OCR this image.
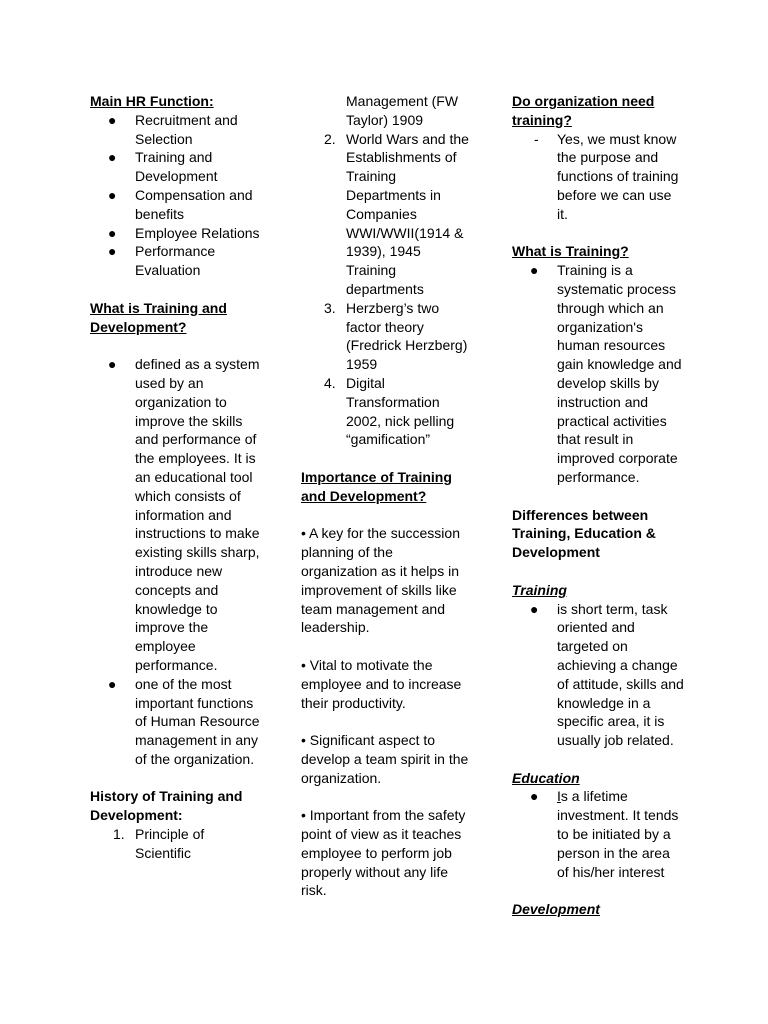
Main HR Function:

● Recruitment and Selection
● Training and Development
● Compensation and benefits
● Employee Relations
● Performance Evaluation

What is Training and Development?

● defined as a system used by an organization to improve the skills and performance of the employees. It is an educational tool which consists of information and instructions to make existing skills sharp, introduce new concepts and knowledge to improve the employee performance.
● one of the most important functions of Human Resource management in any of the organization.

History of Training and Development:

1. Principle of Scientific
Management (FW Taylor) 1909
2. World Wars and the Establishments of Training Departments in Companies WWI/WWII(1914 & 1939), 1945 Training departments
3. Herzberg’s two factor theory (Fredrick Herzberg) 1959
4. Digital Transformation 2002, nick pelling “gamification”

Importance of Training and Development?

• A key for the succession planning of the organization as it helps in improvement of skills like team management and leadership.

• Vital to motivate the employee and to increase their productivity.

• Significant aspect to develop a team spirit in the organization.

• Important from the safety point of view as it teaches employee to perform job properly without any life risk.

Do organization need training?

- Yes, we must know the purpose and functions of training before we can use it.

What is Training?

● Training is a systematic process through which an organization's human resources gain knowledge and develop skills by instruction and practical activities that result in improved corporate performance.

Differences between Training, Education & Development

Training

● is short term, task oriented and targeted on achieving a change of attitude, skills and knowledge in a specific area, it is usually job related.

Education

● Is a lifetime investment. It tends to be initiated by a person in the area of his/her interest

Development
